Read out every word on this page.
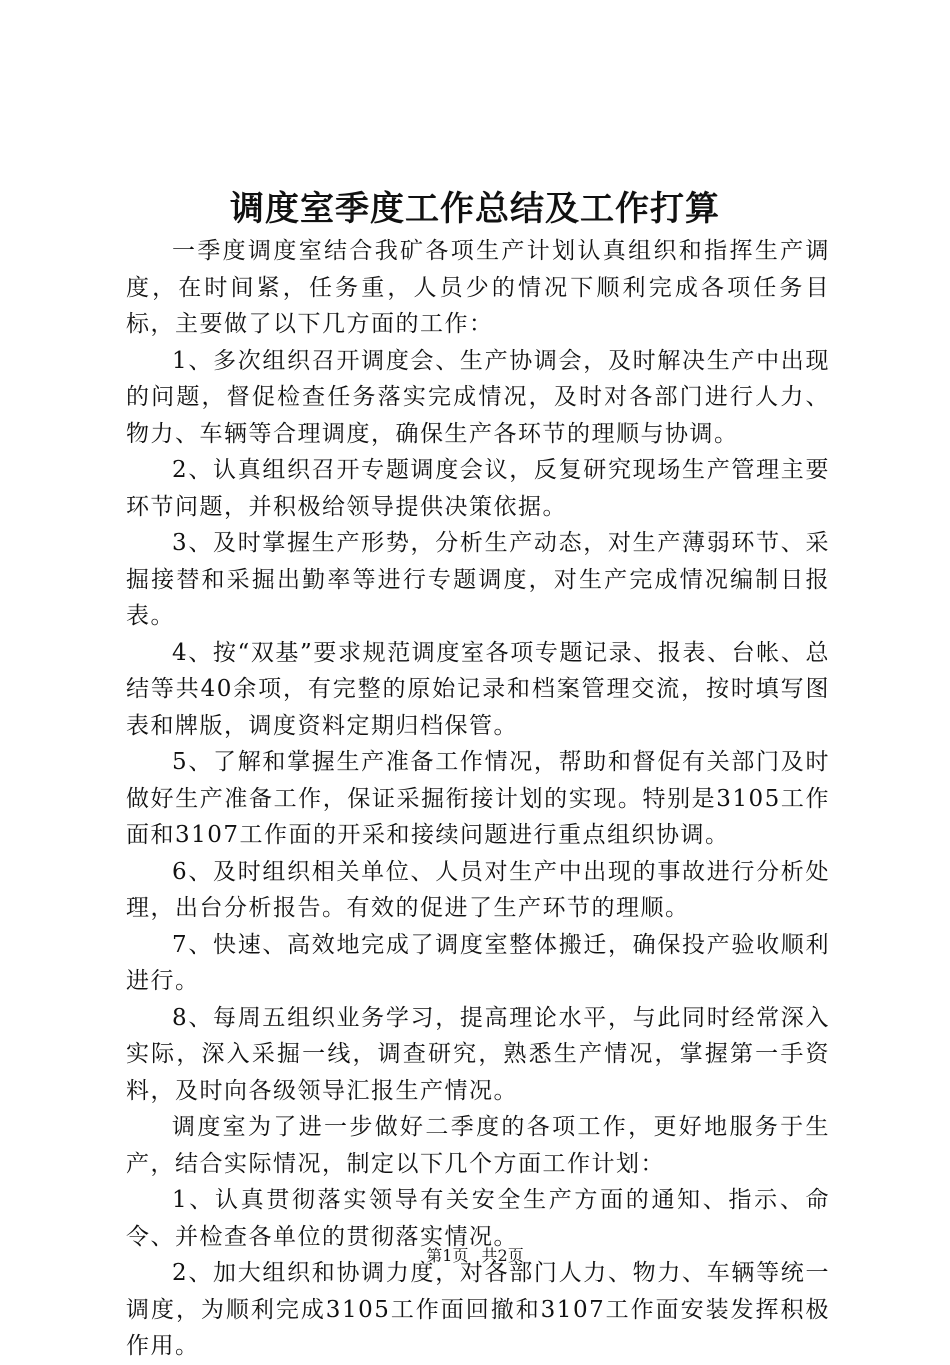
调度室季度工作总结及工作打算

一季度调度室结合我矿各项生产计划认真组织和指挥生产调度，在时间紧，任务重，人员少的情况下顺利完成各项任务目标，主要做了以下几方面的工作：

1、多次组织召开调度会、生产协调会，及时解决生产中出现的问题，督促检查任务落实完成情况，及时对各部门进行人力、物力、车辆等合理调度，确保生产各环节的理顺与协调。

2、认真组织召开专题调度会议，反复研究现场生产管理主要环节问题，并积极给领导提供决策依据。

3、及时掌握生产形势，分析生产动态，对生产薄弱环节、采掘接替和采掘出勤率等进行专题调度，对生产完成情况编制日报表。

4、按“双基”要求规范调度室各项专题记录、报表、台帐、总结等共40余项，有完整的原始记录和档案管理交流，按时填写图表和牌版，调度资料定期归档保管。

5、了解和掌握生产准备工作情况，帮助和督促有关部门及时做好生产准备工作，保证采掘衔接计划的实现。特别是3105工作面和3107工作面的开采和接续问题进行重点组织协调。

6、及时组织相关单位、人员对生产中出现的事故进行分析处理，出台分析报告。有效的促进了生产环节的理顺。

7、快速、高效地完成了调度室整体搬迁，确保投产验收顺利进行。

8、每周五组织业务学习，提高理论水平，与此同时经常深入实际，深入采掘一线，调查研究，熟悉生产情况，掌握第一手资料，及时向各级领导汇报生产情况。

调度室为了进一步做好二季度的各项工作，更好地服务于生产，结合实际情况，制定以下几个方面工作计划：

1、认真贯彻落实领导有关安全生产方面的通知、指示、命令、并检查各单位的贯彻落实情况。

2、加大组织和协调力度，对各部门人力、物力、车辆等统一调度，为顺利完成3105工作面回撤和3107工作面安装发挥积极作用。

第1页 共2页
